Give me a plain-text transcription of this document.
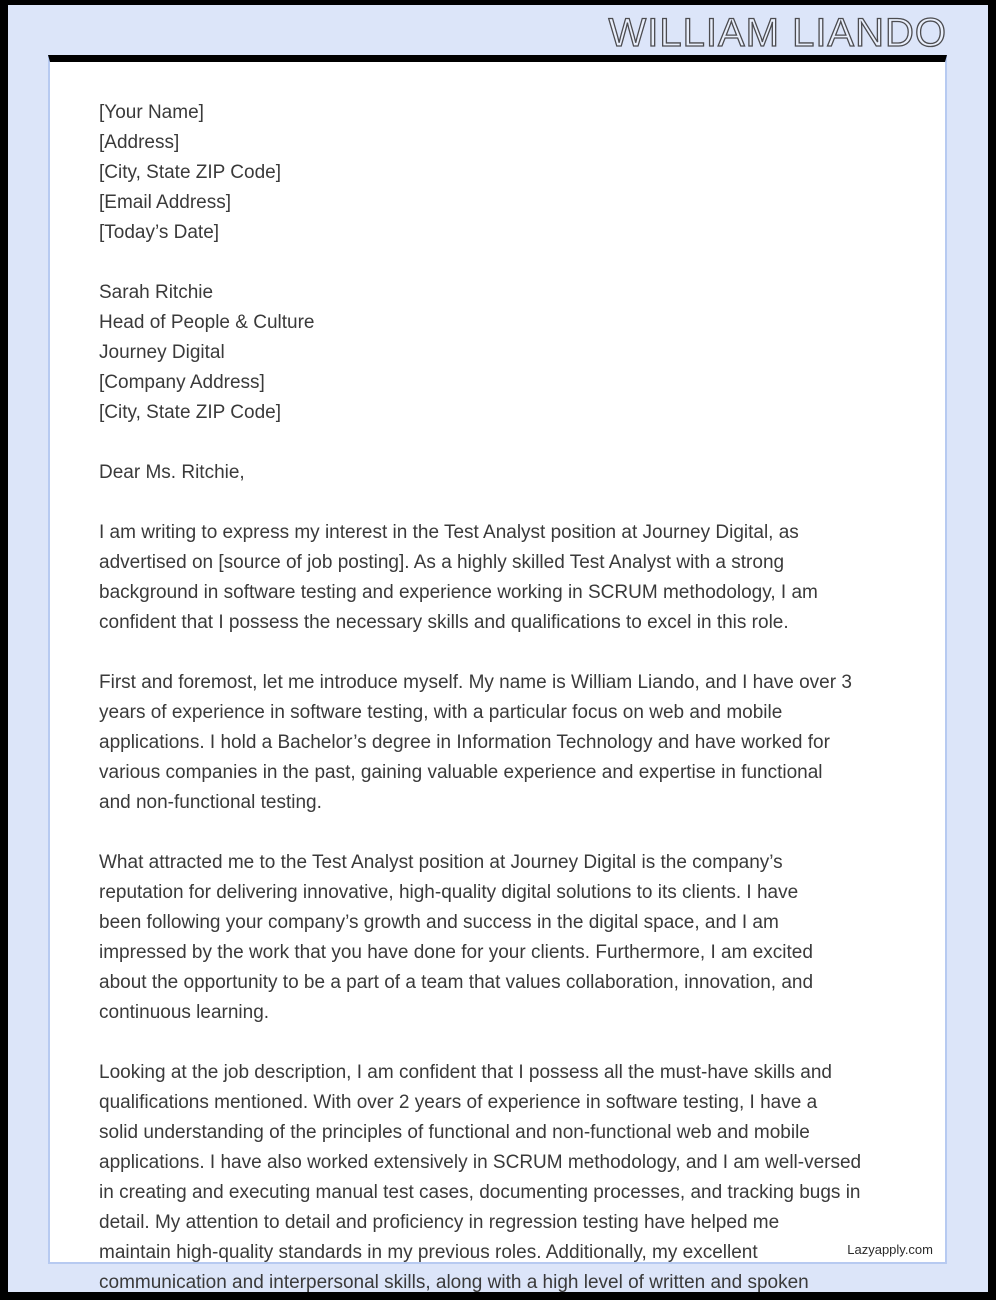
WILLIAM LIANDO
[Your Name]
[Address]
[City, State ZIP Code]
[Email Address]
[Today’s Date]
Sarah Ritchie
Head of People & Culture
Journey Digital
[Company Address]
[City, State ZIP Code]
Dear Ms. Ritchie,
I am writing to express my interest in the Test Analyst position at Journey Digital, as
advertised on [source of job posting]. As a highly skilled Test Analyst with a strong
background in software testing and experience working in SCRUM methodology, I am
confident that I possess the necessary skills and qualifications to excel in this role.
First and foremost, let me introduce myself. My name is William Liando, and I have over 3
years of experience in software testing, with a particular focus on web and mobile
applications. I hold a Bachelor’s degree in Information Technology and have worked for
various companies in the past, gaining valuable experience and expertise in functional
and non-functional testing.
What attracted me to the Test Analyst position at Journey Digital is the company’s
reputation for delivering innovative, high-quality digital solutions to its clients. I have
been following your company’s growth and success in the digital space, and I am
impressed by the work that you have done for your clients. Furthermore, I am excited
about the opportunity to be a part of a team that values collaboration, innovation, and
continuous learning.
Looking at the job description, I am confident that I possess all the must-have skills and
qualifications mentioned. With over 2 years of experience in software testing, I have a
solid understanding of the principles of functional and non-functional web and mobile
applications. I have also worked extensively in SCRUM methodology, and I am well-versed
in creating and executing manual test cases, documenting processes, and tracking bugs in
detail. My attention to detail and proficiency in regression testing have helped me
maintain high-quality standards in my previous roles. Additionally, my excellent
communication and interpersonal skills, along with a high level of written and spoken
Lazyapply.com
